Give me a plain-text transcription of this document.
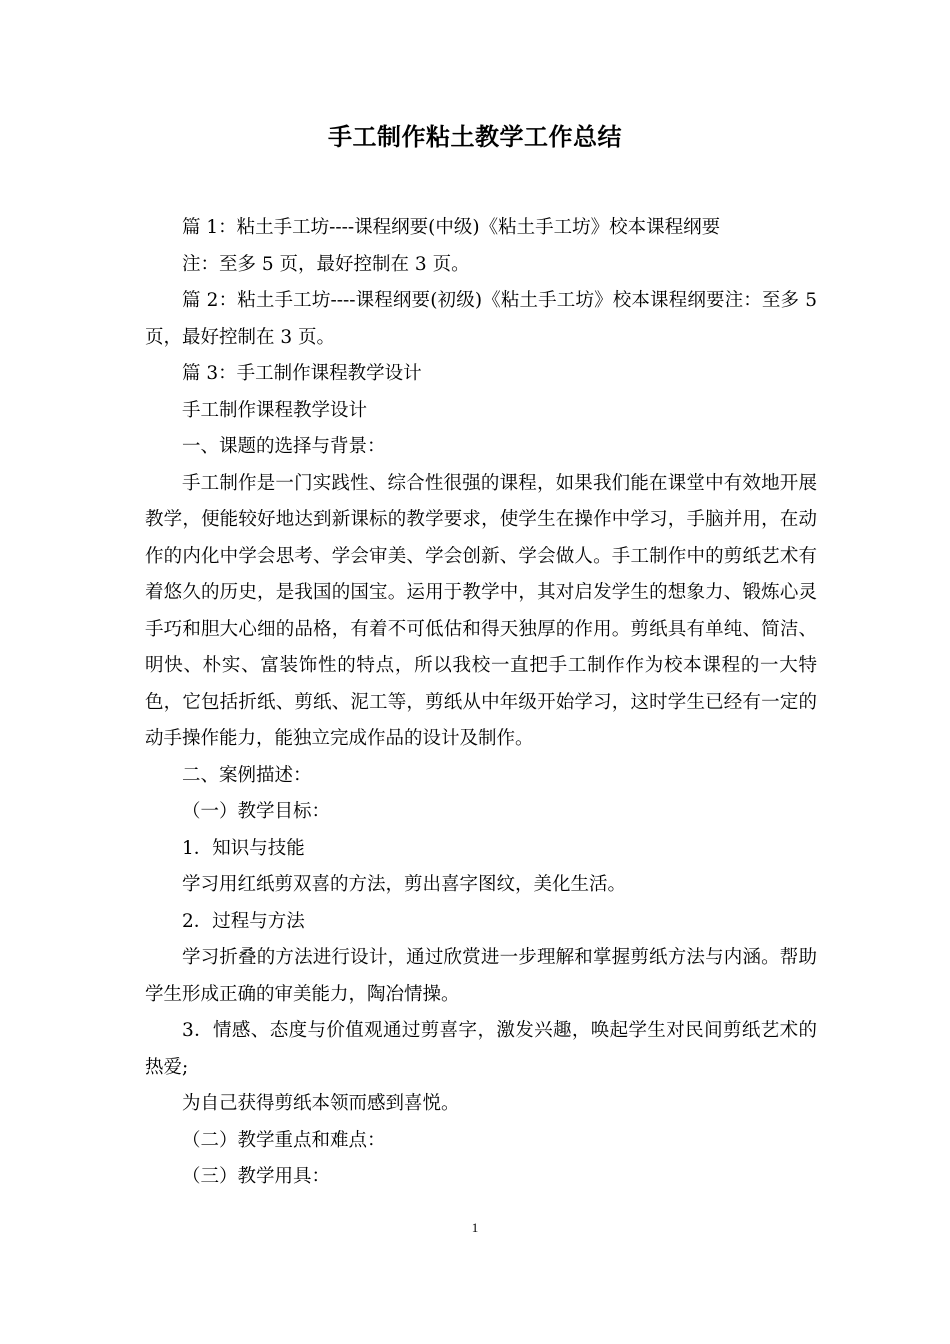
手工制作粘土教学工作总结

篇 1：粘土手工坊----课程纲要(中级)《粘土手工坊》校本课程纲要

注：至多 5 页，最好控制在 3 页。

篇 2：粘土手工坊----课程纲要(初级)《粘土手工坊》校本课程纲要注：至多 5 页，最好控制在 3 页。

篇 3：手工制作课程教学设计

手工制作课程教学设计

一、课题的选择与背景：

手工制作是一门实践性、综合性很强的课程，如果我们能在课堂中有效地开展教学，便能较好地达到新课标的教学要求，使学生在操作中学习，手脑并用，在动作的内化中学会思考、学会审美、学会创新、学会做人。手工制作中的剪纸艺术有着悠久的历史，是我国的国宝。运用于教学中，其对启发学生的想象力、锻炼心灵手巧和胆大心细的品格，有着不可低估和得天独厚的作用。剪纸具有单纯、简洁、明快、朴实、富装饰性的特点，所以我校一直把手工制作作为校本课程的一大特色，它包括折纸、剪纸、泥工等，剪纸从中年级开始学习，这时学生已经有一定的动手操作能力，能独立完成作品的设计及制作。

二、案例描述：

（一）教学目标：

1．知识与技能

学习用红纸剪双喜的方法，剪出喜字图纹，美化生活。

2．过程与方法

学习折叠的方法进行设计，通过欣赏进一步理解和掌握剪纸方法与内涵。帮助学生形成正确的审美能力，陶冶情操。

3．情感、态度与价值观通过剪喜字，激发兴趣，唤起学生对民间剪纸艺术的热爱;

为自己获得剪纸本领而感到喜悦。

（二）教学重点和难点：

（三）教学用具：

1
